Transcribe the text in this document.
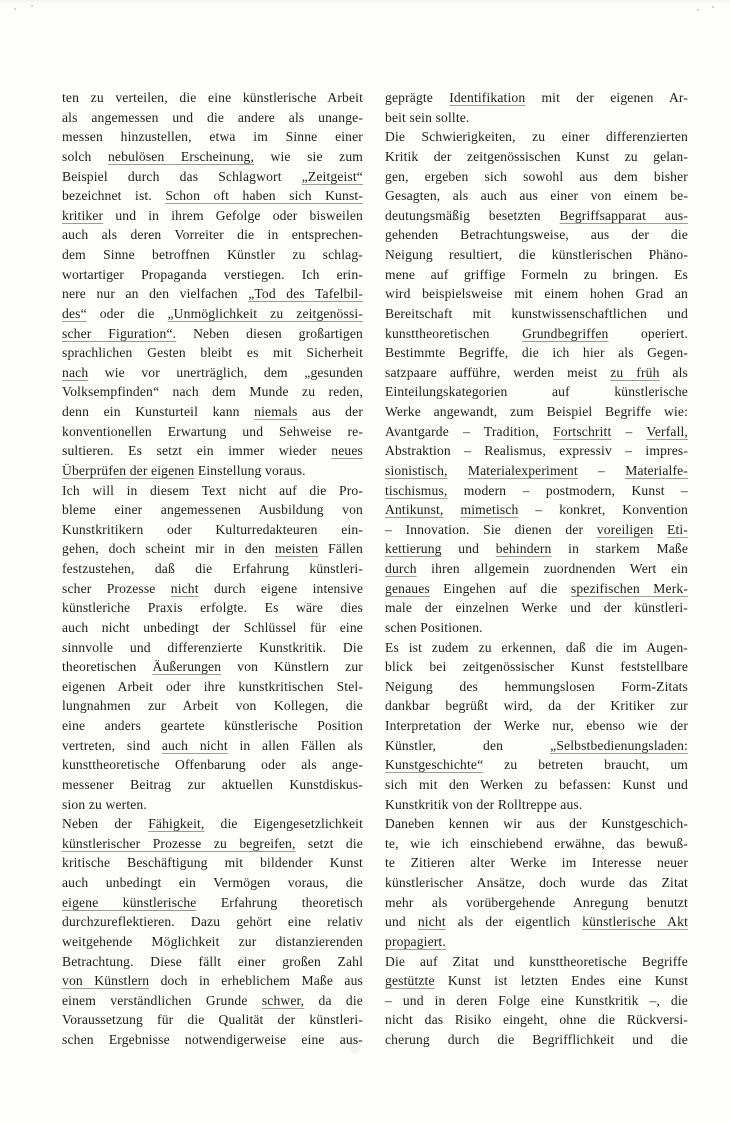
ten zu verteilen, die eine künstlerische Arbeit
als angemessen und die andere als unange-
messen hinzustellen, etwa im Sinne einer
solch nebulösen Erscheinung, wie sie zum
Beispiel durch das Schlagwort „Zeitgeist“
bezeichnet ist. Schon oft haben sich Kunst-
kritiker und in ihrem Gefolge oder bisweilen
auch als deren Vorreiter die in entsprechen-
dem Sinne betroffnen Künstler zu schlag-
wortartiger Propaganda verstiegen. Ich erin-
nere nur an den vielfachen „Tod des Tafelbil-
des“ oder die „Unmöglichkeit zu zeitgenössi-
scher Figuration“. Neben diesen großartigen
sprachlichen Gesten bleibt es mit Sicherheit
nach wie vor unerträglich, dem „gesunden
Volksempfinden“ nach dem Munde zu reden,
denn ein Kunsturteil kann niemals aus der
konventionellen Erwartung und Sehweise re-
sultieren. Es setzt ein immer wieder neues
Überprüfen der eigenen Einstellung voraus.
Ich will in diesem Text nicht auf die Pro-
bleme einer angemessenen Ausbildung von
Kunstkritikern oder Kulturredakteuren ein-
gehen, doch scheint mir in den meisten Fällen
festzustehen, daß die Erfahrung künstleri-
scher Prozesse nicht durch eigene intensive
künstleriche Praxis erfolgte. Es wäre dies
auch nicht unbedingt der Schlüssel für eine
sinnvolle und differenzierte Kunstkritik. Die
theoretischen Äußerungen von Künstlern zur
eigenen Arbeit oder ihre kunstkritischen Stel-
lungnahmen zur Arbeit von Kollegen, die
eine anders geartete künstlerische Position
vertreten, sind auch nicht in allen Fällen als
kunsttheoretische Offenbarung oder als ange-
messener Beitrag zur aktuellen Kunstdiskus-
sion zu werten.
Neben der Fähigkeit, die Eigengesetzlichkeit
künstlerischer Prozesse zu begreifen, setzt die
kritische Beschäftigung mit bildender Kunst
auch unbedingt ein Vermögen voraus, die
eigene künstlerische Erfahrung theoretisch
durchzureflektieren. Dazu gehört eine relativ
weitgehende Möglichkeit zur distanzierenden
Betrachtung. Diese fällt einer großen Zahl
von Künstlern doch in erheblichem Maße aus
einem verständlichen Grunde schwer, da die
Voraussetzung für die Qualität der künstleri-
schen Ergebnisse notwendigerweise eine aus-
geprägte Identifikation mit der eigenen Ar-
beit sein sollte.
Die Schwierigkeiten, zu einer differenzierten
Kritik der zeitgenössischen Kunst zu gelan-
gen, ergeben sich sowohl aus dem bisher
Gesagten, als auch aus einer von einem be-
deutungsmäßig besetzten Begriffsapparat aus-
gehenden Betrachtungsweise, aus der die
Neigung resultiert, die künstlerischen Phäno-
mene auf griffige Formeln zu bringen. Es
wird beispielsweise mit einem hohen Grad an
Bereitschaft mit kunstwissenschaftlichen und
kunsttheoretischen Grundbegriffen operiert.
Bestimmte Begriffe, die ich hier als Gegen-
satzpaare aufführe, werden meist zu früh als
Einteilungskategorien auf künstlerische
Werke angewandt, zum Beispiel Begriffe wie:
Avantgarde – Tradition, Fortschritt – Verfall,
Abstraktion – Realismus, expressiv – impres-
sionistisch, Materialexperiment – Materialfe-
tischismus, modern – postmodern, Kunst –
Antikunst, mimetisch – konkret, Konvention
– Innovation. Sie dienen der voreiligen Eti-
kettierung und behindern in starkem Maße
durch ihren allgemein zuordnenden Wert ein
genaues Eingehen auf die spezifischen Merk-
male der einzelnen Werke und der künstleri-
schen Positionen.
Es ist zudem zu erkennen, daß die im Augen-
blick bei zeitgenössischer Kunst feststellbare
Neigung des hemmungslosen Form-Zitats
dankbar begrüßt wird, da der Kritiker zur
Interpretation der Werke nur, ebenso wie der
Künstler, den „Selbstbedienungsladen:
Kunstgeschichte“ zu betreten braucht, um
sich mit den Werken zu befassen: Kunst und
Kunstkritik von der Rolltreppe aus.
Daneben kennen wir aus der Kunstgeschich-
te, wie ich einschiebend erwähne, das bewuß-
te Zitieren alter Werke im Interesse neuer
künstlerischer Ansätze, doch wurde das Zitat
mehr als vorübergehende Anregung benutzt
und nicht als der eigentlich künstlerische Akt
propagiert.
Die auf Zitat und kunsttheoretische Begriffe
gestützte Kunst ist letzten Endes eine Kunst
– und in deren Folge eine Kunstkritik –, die
nicht das Risiko eingeht, ohne die Rückversi-
cherung durch die Begrifflichkeit und die
